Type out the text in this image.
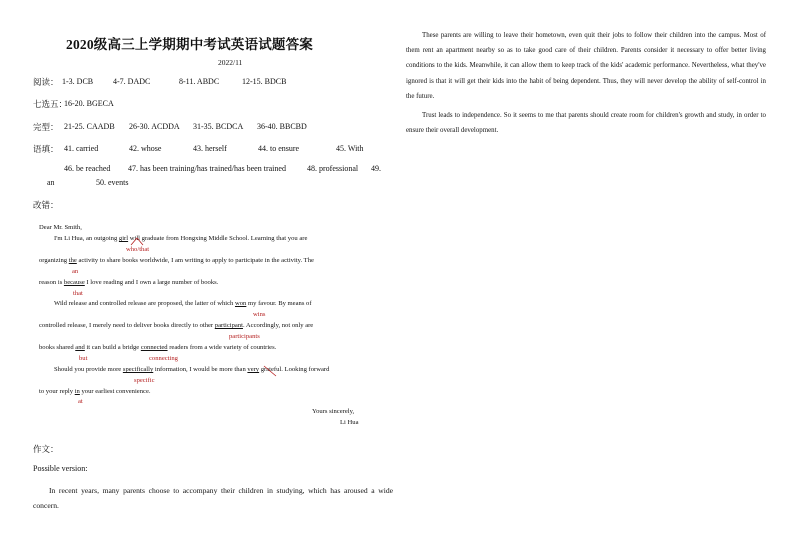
2020级高三上学期期中考试英语试题答案
2022/11
阅读： 1-3. DCB 4-7. DADC	8-11. ABDC	12-15. BDCB
七选五：
16-20. BGECA
完型： 21-25. CAADB 26-30. ACDDA 31-35. BCDCA 36-40. BBCBD
语填： 41. carried	42. whose	43. herself	44. to ensure	45. With
46. be reached 47. has been training/has trained/has been trained	48. professional 49.
an	50. events
改错：
Dear Mr. Smith,
I'm Li Hua, an outgoing girl will graduate from Hongxing Middle School. Learning that you are
who/that
organizing the activity to share books worldwide, I am writing to apply to participate in the activity. The
an
reason is because I love reading and I own a large number of books.
that
Wild release and controlled release are proposed, the latter of which won my favour. By means of
wins
controlled release, I merely need to deliver books directly to other participant. Accordingly, not only are
participants
books shared and it can build a bridge connected readers from a wide variety of countries.
but	connecting
Should you provide more specifically information, I would be more than very grateful. Looking forward
specific
to your reply in your earliest convenience.
at
Yours sincerely,
Li Hua
作文：
Possible version:

In recent years, many parents choose to accompany their children in studying, which has aroused a wide concern.

These parents are willing to leave their hometown, even quit their jobs to follow their children into the campus. Most of them rent an apartment nearby so as to take good care of their children. Parents consider it necessary to offer better living conditions to the kids. Meanwhile, it can allow them to keep track of the kids' academic performance. Nevertheless, what they've ignored is that it will get their kids into the habit of being dependent. Thus, they will never develop the ability of self-control in the future.

Trust leads to independence. So it seems to me that parents should create room for children's growth and study, in order to ensure their overall development.
